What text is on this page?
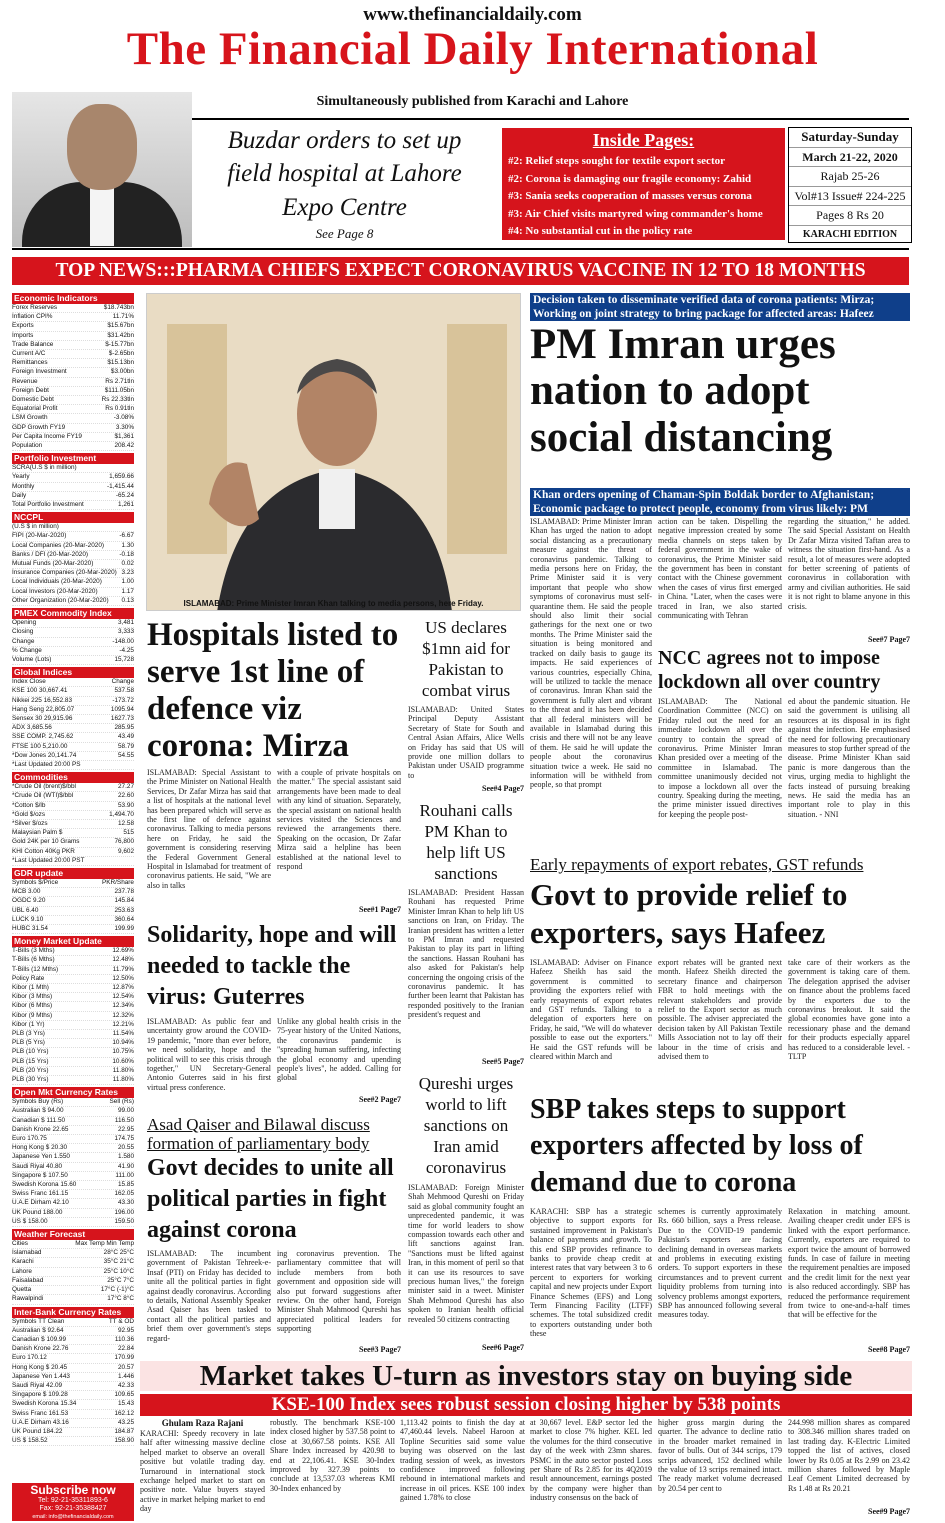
www.thefinancialdaily.com
The Financial Daily International
Simultaneously published from Karachi and Lahore
Buzdar orders to set up field hospital at Lahore Expo Centre
See Page 8
Inside Pages:
#2: Relief steps sought for textile export sector
#2: Corona is damaging our fragile economy: Zahid
#3: Sania seeks cooperation of masses versus corona
#3: Air Chief visits martyred wing commander's home
#4: No substantial cut in the policy rate
Saturday-Sunday
March 21-22, 2020
Rajab 25-26
Vol#13 Issue# 224-225
Pages 8 Rs 20
KARACHI EDITION
TOP NEWS:::PHARMA CHIEFS EXPECT CORONAVIRUS VACCINE IN 12 TO 18 MONTHS
Economic Indicators
Forex Reserves	$18.743bn
Inflation CPI%	11.71%
Exports	$15.67bn
Imports	$31.42bn
Trade Balance	$-15.77bn
Current A/C	$-2.65bn
Remittances	$15.13bn
Foreign Investment	$3.00bn
Revenue	Rs 2.71tln
Foreign Debt	$111.05bn
Domestic Debt	Rs 22.33tln
Equatorial Profit	Rs 0.91tln
LSM Growth	-3.08%
GDP Growth FY19	3.30%
Per Capita Income FY19	$1,361
Population	208.42
Portfolio Investment
SCRA(U.S $ in million)
Yearly	1,659.66
Monthly	-1,415.44
Daily	-65.24
Total Portfolio Investment	1,261
NCCPL
(U.S $ in million)
FIPI (20-Mar-2020)	-6.67
Local Companies (20-Mar-2020)	1.30
Banks / DFI (20-Mar-2020)	-0.18
Mutual Funds (20-Mar-2020)	0.02
Insurance Companies (20-Mar-2020) 3.23
Local Individuals (20-Mar-2020)	1.00
Local Investors (20-Mar-2020)	1.17
Other Organization (20-Mar-2020) 0.13
PMEX Commodity Index
Opening	3,481
Closing	3,333
Change	-148.00
% Change	-4.25
Volume (Lots)	15,728
Global Indices
Index Close	Change
KSE 100 30,667.41	537.58
Nikkei 225 16,552.83	-173.72
Hang Seng 22,805.07	1095.94
Sensex 30 29,915.96	1627.73
ADX 3,685.56	285.95
SSE COMP. 2,745.62	43.49
FTSE 100 5,210.00	58.79
*Dow Jones 20,141.74	54.55
*Last Updated 20:00 PS
Commodities
*Crude Oil (brent)$/bbl	27.27
*Crude Oil (WTI)$/bbl	22.60
*Cotton $/lb	53.90
*Gold $/ozs	1,494.70
*Silver $/ozs	12.58
Malaysian Palm $	515
Gold 24K per 10 Grams	76,800
KHI Cotton 40Kg PKR	9,602
*Last Updated 20:00 PST
GDR update
Symbols $/Price	PKR/Share
MCB 3.00	237.78
OGDC 9.20	145.84
UBL 6.40	253.63
LUCK 9.10	360.64
HUBC 31.54	199.99
Money Market Update
T-Bills (3 Mths)	12.69%
T-Bills (6 Mths)	12.48%
T-Bills (12 Mths)	11.79%
Policy Rate	12.50%
Kibor (1 Mth)	12.87%
Kibor (3 Mths)	12.54%
Kibor (6 Mths)	12.34%
Kibor (9 Mths)	12.32%
Kibor (1 Yr)	12.21%
PLB (3 Yrs)	11.54%
PLB (5 Yrs)	10.94%
PLB (10 Yrs)	10.75%
PLB (15 Yrs)	10.60%
PLB (20 Yrs)	11.80%
PLB (30 Yrs)	11.80%
Open Mkt Currency Rates
Symbols Buy (Rs)	Sell (Rs)
Australian $ 94.00	99.00
Canadian $ 111.50	116.50
Danish Krone 22.65	22.95
Euro 170.75	174.75
Hong Kong $ 20.30	20.55
Japanese Yen 1.550	1.580
Saudi Riyal 40.80	41.90
Singapore $ 107.50	111.00
Swedish Korona 15.60	15.85
Swiss Franc 161.15	162.05
U.A.E Dirham 42.10	43.30
UK Pound 188.00	196.00
US $ 158.00	159.50
Weather Forecast
Cities	Max Temp Min Temp
Islamabad	28°C 25°C
Karachi	35°C 21°C
Lahore	25°C 10°C
Faisalabad	25°C 7°C
Quetta	17°C (-1)°C
Rawalpindi	17°C 8°C
Inter-Bank Currency Rates
Symbols TT Clean	TT & OD
Australian $ 92.64	92.95
Canadian $ 109.99	110.36
Danish Krone 22.76	22.84
Euro 170.12	170.99
Hong Kong $ 20.45	20.57
Japanese Yen 1.443	1.446
Saudi Riyal 42.09	42.33
Singapore $ 109.28	109.65
Swedish Korona 15.34	15.43
Swiss Franc 161.53	162.12
U.A.E Dirham 43.16	43.25
UK Pound 184.22	184.87
US $ 158.52	158.90
ISLAMABAD: Prime Minister Imran Khan talking to media persons, here Friday.
Decision taken to disseminate verified data of corona patients: Mirza; Working on joint strategy to bring package for affected areas: Hafeez
PM Imran urges nation to adopt social distancing
Khan orders opening of Chaman-Spin Boldak border to Afghanistan; Economic package to protect people, economy from virus likely: PM
ISLAMABAD: Prime Minister Imran Khan has urged the nation to adopt social distancing as a precautionary measure against the threat of coronavirus pandemic. Talking to media persons here on Friday, the Prime Minister said it is very important that people who show symptoms of coronavirus must self-quarantine them. He said the people should also limit their social gatherings for the next one or two months. The Prime Minister said the situation is being monitored and tracked on daily basis to gauge its impacts. He said experiences of various countries, especially China, will be utilized to tackle the menace of coronavirus. Imran Khan said the government is fully alert and vibrant to the threat and it has been decided that all federal ministers will be available in Islamabad during this crisis and there will not be any leave of them. He said he will update the people about the coronavirus situation twice a week. He said no information will be withheld from people, so that prompt
action can be taken. Dispelling the negative impression created by some media channels on steps taken by federal government in the wake of coronavirus, the Prime Minister said the government has been in constant contact with the Chinese government when the cases of virus first emerged in China. "Later, when the cases were traced in Iran, we also started communicating with Tehran
regarding the situation," he added. The said Special Assistant on Health Dr Zafar Mirza visited Taftan area to witness the situation first-hand. As a result, a lot of measures were adopted for better screening of patients of coronavirus in collaboration with army and civilian authorities. He said it is not right to blame anyone in this crisis.
See#7 Page7
NCC agrees not to impose lockdown all over country
ISLAMABAD: The National Coordination Committee (NCC) on Friday ruled out the need for an immediate lockdown all over the country to contain the spread of coronavirus. Prime Minister Imran Khan presided over a meeting of the committee in Islamabad. The committee unanimously decided not to impose a lockdown all over the country. Speaking during the meeting, the prime minister issued directives for keeping the people post-
ed about the pandemic situation. He said the government is utilising all resources at its disposal in its fight against the infection. He emphasised the need for following precautionary measures to stop further spread of the disease. Prime Minister Khan said panic is more dangerous than the virus, urging media to highlight the facts instead of pursuing breaking news. He said the media has an important role to play in this situation. - NNI
Hospitals listed to serve 1st line of defence viz corona: Mirza
ISLAMABAD: Special Assistant to the Prime Minister on National Health Services, Dr Zafar Mirza has said that a list of hospitals at the national level has been prepared which will serve as the first line of defence against coronavirus. Talking to media persons here on Friday, he said the government is considering reserving the Federal Government General Hospital in Islamabad for treatment of coronavirus patients. He said, "We are also in talks
with a couple of private hospitals on the matter." The special assistant said arrangements have been made to deal with any kind of situation. Separately, the special assistant on national health services visited the Sciences and reviewed the arrangements there. Speaking on the occasion, Dr Zafar Mirza said a helpline has been established at the national level to respond
See#1 Page7
US declares $1mn aid for Pakistan to combat virus
ISLAMABAD: United States Principal Deputy Assistant Secretary of State for South and Central Asian Affairs, Alice Wells on Friday has said that US will provide one million dollars to Pakistan under USAID programme to
See#4 Page7
Rouhani calls PM Khan to help lift US sanctions
ISLAMABAD: President Hassan Rouhani has requested Prime Minister Imran Khan to help lift US sanctions on Iran, on Friday. The Iranian president has written a letter to PM Imran and requested Pakistan to play its part in lifting the sanctions. Hassan Rouhani has also asked for Pakistan's help concerning the ongoing crisis of the coronavirus pandemic. It has further been learnt that Pakistan has responded positively to the Iranian president's request and
See#5 Page7
Qureshi urges world to lift sanctions on Iran amid coronavirus
ISLAMABAD: Foreign Minister Shah Mehmood Qureshi on Friday said as global community fought an unprecedented pandemic, it was time for world leaders to show compassion towards each other and lift sanctions against Iran. "Sanctions must be lifted against Iran, in this moment of peril so that it can use its resources to save precious human lives," the foreign minister said in a tweet. Minister Shah Mehmood Qureshi has also spoken to Iranian health official revealed 50 citizens contracting
See#6 Page7
Solidarity, hope and will needed to tackle the virus: Guterres
ISLAMABAD: As public fear and uncertainty grow around the COVID-19 pandemic, "more than ever before, we need solidarity, hope and the political will to see this crisis through together," UN Secretary-General Antonio Guterres said in his first virtual press conference.
Unlike any global health crisis in the 75-year history of the United Nations, the coronavirus pandemic is "spreading human suffering, infecting the global economy and upending people's lives", he added. Calling for global
See#2 Page7
Asad Qaiser and Bilawal discuss
formation of parliamentary body
Govt decides to unite all political parties in fight against corona
ISLAMABAD: The incumbent government of Pakistan Tehreek-e-Insaf (PTI) on Friday has decided to unite all the political parties in fight against deadly coronavirus. According to details, National Assembly Speaker Asad Qaiser has been tasked to contact all the political parties and brief them over government's steps regard-
ing coronavirus prevention. The parliamentary committee that will include members from both government and opposition side will also put forward suggestions after review. On the other hand, Foreign Minister Shah Mahmood Qureshi has appreciated political leaders for supporting
See#3 Page7
Early repayments of export rebates, GST refunds
Govt to provide relief to exporters, says Hafeez
ISLAMABAD: Adviser on Finance Hafeez Sheikh has said the government is committed to providing the exporters relief with early repayments of export rebates and GST refunds. Talking to a delegation of exporters here on Friday, he said, "We will do whatever possible to ease out the exporters." He said the GST refunds will be cleared within March and
export rebates will be granted next month. Hafeez Sheikh directed the secretary finance and chairperson FBR to hold meetings with the relevant stakeholders and provide relief to the Export sector as much possible. The adviser appreciated the decision taken by All Pakistan Textile Mills Association not to lay off their labour in the time of crisis and advised them to
take care of their workers as the government is taking care of them. The delegation apprised the adviser on finance about the problems faced by the exporters due to the coronavirus breakout. It said the global economies have gone into a recessionary phase and the demand for their products especially apparel has reduced to a considerable level. - TLTP
SBP takes steps to support exporters affected by loss of demand due to corona
KARACHI: SBP has a strategic objective to support exports for sustained improvement in Pakistan's balance of payments and growth. To this end SBP provides refinance to banks to provide cheap credit at interest rates that vary between 3 to 6 percent to exporters for working capital and new projects under Export Finance Schemes (EFS) and Long Term Financing Facility (LTFF) schemes. The total subsidized credit to exporters outstanding under both these
schemes is currently approximately Rs. 660 billion, says a Press release. Due to the COVID-19 pandemic Pakistan's exporters are facing declining demand in overseas markets and problems in executing existing orders. To support exporters in these circumstances and to prevent current liquidity problems from turning into solvency problems amongst exporters, SBP has announced following several measures today.
Relaxation in matching amount. Availing cheaper credit under EFS is linked with the export performance. Currently, exporters are required to export twice the amount of borrowed funds. In case of failure in meeting the requirement penalties are imposed and the credit limit for the next year is also reduced accordingly. SBP has reduced the performance requirement from twice to one-and-a-half times that will be effective for the
See#8 Page7
Market takes U-turn as investors stay on buying side
KSE-100 Index sees robust session closing higher by 538 points
Ghulam Raza Rajani
KARACHI: Speedy recovery in late half after witnessing massive decline helped market to observe an overall positive but volatile trading day. Turnaround in international stock exchange helped market to start on positive note. Value buyers stayed active in market helping market to end day
robustly. The benchmark KSE-100 index closed higher by 537.58 point to close at 30,667.58 points. KSE All Share Index increased by 420.98 to end at 22,106.41. KSE 30-Index improved by 327.39 points to conclude at 13,537.03 whereas KMI 30-Index enhanced by
1,113.42 points to finish the day at 47,460.44 levels. Nabeel Haroon at Topline Securities said some value buying was observed on the last trading session of week, as investors confidence improved following rebound in international markets and increase in oil prices. KSE 100 index gained 1.78% to close
at 30,667 level. E&P sector led the market to close 7% higher. KEL led the volumes for the third consecutive day of the week with 23mn shares. PSMC in the auto sector posted Loss per Share of Rs 2.85 for its 4Q2019 result announcement, earnings posted by the company were higher than industry consensus on the back of
higher gross margin during the quarter. The advance to decline ratio in the broader market remained in favor of bulls. Out of 344 scrips, 179 scrips advanced, 152 declined while the value of 13 scrips remained intact. The ready market volume decreased by 20.54 per cent to
244.998 million shares as compared to 308.346 million shares traded on last trading day. K-Electric Limited topped the list of actives, closed lower by Rs 0.05 at Rs 2.99 on 23.42 million shares followed by Maple Leaf Cement Limited decreased by Rs 1.48 at Rs 20.21
See#9 Page7
Subscribe now
Tel: 92-21-35311893-6
Fax: 92-21-35388427
email: info@thefinancialdaily.com
